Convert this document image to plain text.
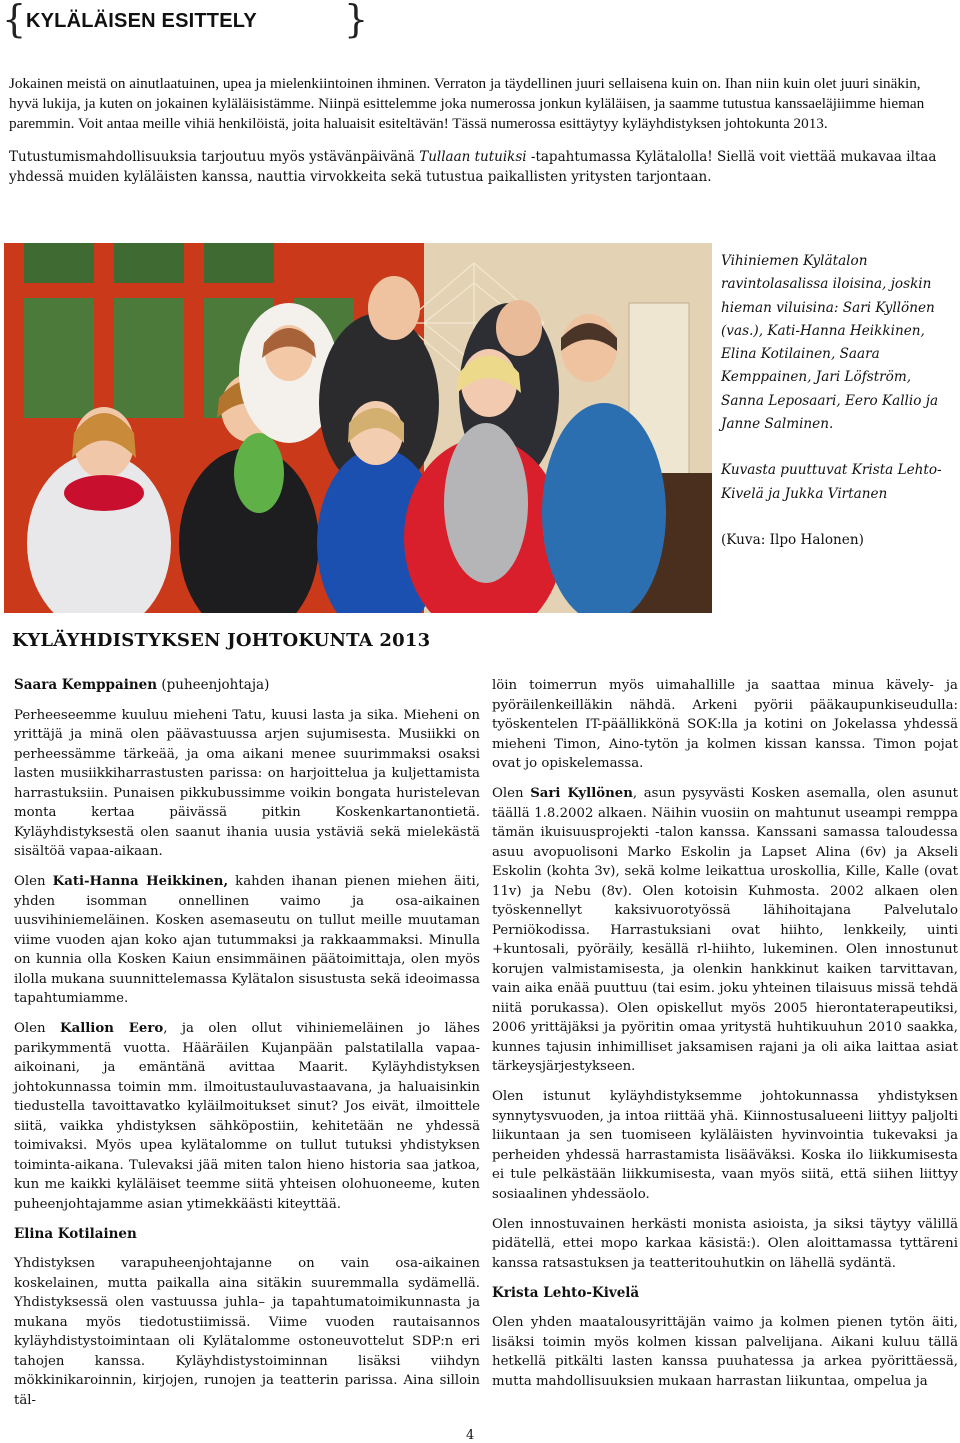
{ KYLÄLÄISEN ESITTELY }

Jokainen meistä on ainutlaatuinen, upea ja mielenkiintoinen ihminen. Verraton ja täydellinen juuri sellaisena kuin on. Ihan niin kuin olet juuri sinäkin, hyvä lukija, ja kuten on jokainen kyläläisistämme. Niinpä esittelemme joka numerossa jonkun kyläläisen, ja saamme tutustua kanssaeläjiimme hieman paremmin. Voit antaa meille vihiä henkilöistä, joita haluaisit esiteltävän! Tässä numerossa esittäytyy kyläyhdistyksen johtokunta 2013.

Tutustumismahdollisuuksia tarjoutuu myös ystävänpäivänä Tullaan tutuiksi -tapahtumassa Kylätalolla! Siellä voit viettää mukavaa iltaa yhdessä muiden kyläläisten kanssa, nauttia virvokkeita sekä tutustua paikallisten yritysten tarjontaan.

Vihiniemen Kylätalon ravintolasalissa iloisina, joskin hieman viluisina: Sari Kyllönen (vas.), Kati-Hanna Heikkinen, Elina Kotilainen, Saara Kemppainen, Jari Löfström, Sanna Leposaari, Eero Kallio ja Janne Salminen.

Kuvasta puuttuvat Krista Lehto-Kivelä ja Jukka Virtanen

(Kuva: Ilpo Halonen)

KYLÄYHDISTYKSEN JOHTOKUNTA 2013
Saara Kemppainen (puheenjohtaja)

Perheeseemme kuuluu mieheni Tatu, kuusi lasta ja sika. Mieheni on yrittäjä ja minä olen päävastuussa arjen sujumisesta. Musiikki on perheessämme tärkeää, ja oma aikani menee suurimmaksi osaksi lasten musiikkiharrastusten parissa: on harjoittelua ja kuljettamista harrastuksiin. Punaisen pikkubussimme voikin bongata huristelevan monta kertaa päivässä pitkin Koskenkartanontietä. Kyläyhdistyksestä olen saanut ihania uusia ystäviä sekä mielekästä sisältöä vapaa-aikaan.

Olen Kati-Hanna Heikkinen, kahden ihanan pienen miehen äiti, yhden isomman onnellinen vaimo ja osa-aikainen uusvihiniemeläinen. Kosken asemaseutu on tullut meille muutaman viime vuoden ajan koko ajan tutummaksi ja rakkaammaksi. Minulla on kunnia olla Kosken Kaiun ensimmäinen päätoimittaja, olen myös ilolla mukana suunnittelemassa Kylätalon sisustusta sekä ideoimassa tapahtumiamme.

Olen Kallion Eero, ja olen ollut vihiniemeläinen jo lähes parikymmentä vuotta. Hääräilen Kujanpään palstatilalla vapaa-aikoinani, ja emäntänä avittaa Maarit. Kyläyhdistyksen johtokunnassa toimin mm. ilmoitustauluvastaavana, ja haluaisinkin tiedustella tavoittavatko kyläilmoitukset sinut? Jos eivät, ilmoittele siitä, vaikka yhdistyksen sähköpostiin, kehitetään ne yhdessä toimivaksi. Myös upea kylätalomme on tullut tutuksi yhdistyksen toiminta-aikana. Tulevaksi jää miten talon hieno historia saa jatkoa, kun me kaikki kyläläiset teemme siitä yhteisen olohuoneeme, kuten puheenjohtajamme asian ytimekkäästi kiteyttää.

Elina Kotilainen

Yhdistyksen varapuheenjohtajanne on vain osa-aikainen koskelainen, mutta paikalla aina sitäkin suuremmalla sydämellä. Yhdistyksessä olen vastuussa juhla– ja tapahtumatoimikunnasta ja mukana myös tiedotustiimissä. Viime vuoden rautaisannos kyläyhdistystoimintaan oli Kylätalomme ostoneuvottelut SDP:n eri tahojen kanssa. Kyläyhdistystoiminnan lisäksi viihdyn mökkinikaroinnin, kirjojen, runojen ja teatterin parissa. Aina silloin täl-

löin toimerrun myös uimahallille ja saattaa minua kävely- ja pyöräilenkeilläkin nähdä. Arkeni pyörii pääkaupunkiseudulla: työskentelen IT-päällikkönä SOK:lla ja kotini on Jokelassa yhdessä mieheni Timon, Aino-tytön ja kolmen kissan kanssa. Timon pojat ovat jo opiskelemassa.

Olen Sari Kyllönen, asun pysyvästi Kosken asemalla, olen asunut täällä 1.8.2002 alkaen. Näihin vuosiin on mahtunut useampi remppa tämän ikuisuusprojekti -talon kanssa. Kanssani samassa taloudessa asuu avopuolisoni Marko Eskolin ja Lapset Alina (6v) ja Akseli Eskolin (kohta 3v), sekä kolme leikattua uroskollia, Kille, Kalle (ovat 11v) ja Nebu (8v). Olen kotoisin Kuhmosta. 2002 alkaen olen työskennellyt kaksivuorotyössä lähihoitajana Palvelutalo Perniökodissa. Harrastuksiani ovat hiihto, lenkkeily, uinti +kuntosali, pyöräily, kesällä rl-hiihto, lukeminen. Olen innostunut korujen valmistamisesta, ja olenkin hankkinut kaiken tarvittavan, vain aika enää puuttuu (tai esim. joku yhteinen tilaisuus missä tehdä niitä porukassa). Olen opiskellut myös 2005 hierontaterapeutiksi, 2006 yrittäjäksi ja pyöritin omaa yritystä huhtikuuhun 2010 saakka, kunnes tajusin inhimilliset jaksamisen rajani ja oli aika laittaa asiat tärkeysjärjestykseen.

Olen istunut kyläyhdistyksemme johtokunnassa yhdistyksen synnytysvuoden, ja intoa riittää yhä. Kiinnostusalueeni liittyy paljolti liikuntaan ja sen tuomiseen kyläläisten hyvinvointia tukevaksi ja perheiden yhdessä harrastamista lisääväksi. Koska ilo liikkumisesta ei tule pelkästään liikkumisesta, vaan myös siitä, että siihen liittyy sosiaalinen yhdessäolo.

Olen innostuvainen herkästi monista asioista, ja siksi täytyy välillä pidätellä, ettei mopo karkaa käsistä:). Olen aloittamassa tyttäreni kanssa ratsastuksen ja teatteritouhutkin on lähellä sydäntä.

Krista Lehto-Kivelä

Olen yhden maatalousyrittäjän vaimo ja kolmen pienen tytön äiti, lisäksi toimin myös kolmen kissan palvelijana. Aikani kuluu tällä hetkellä pitkälti lasten kanssa puuhatessa ja arkea pyörittäessä, mutta mahdollisuuksien mukaan harrastan liikuntaa, ompelua ja

4
